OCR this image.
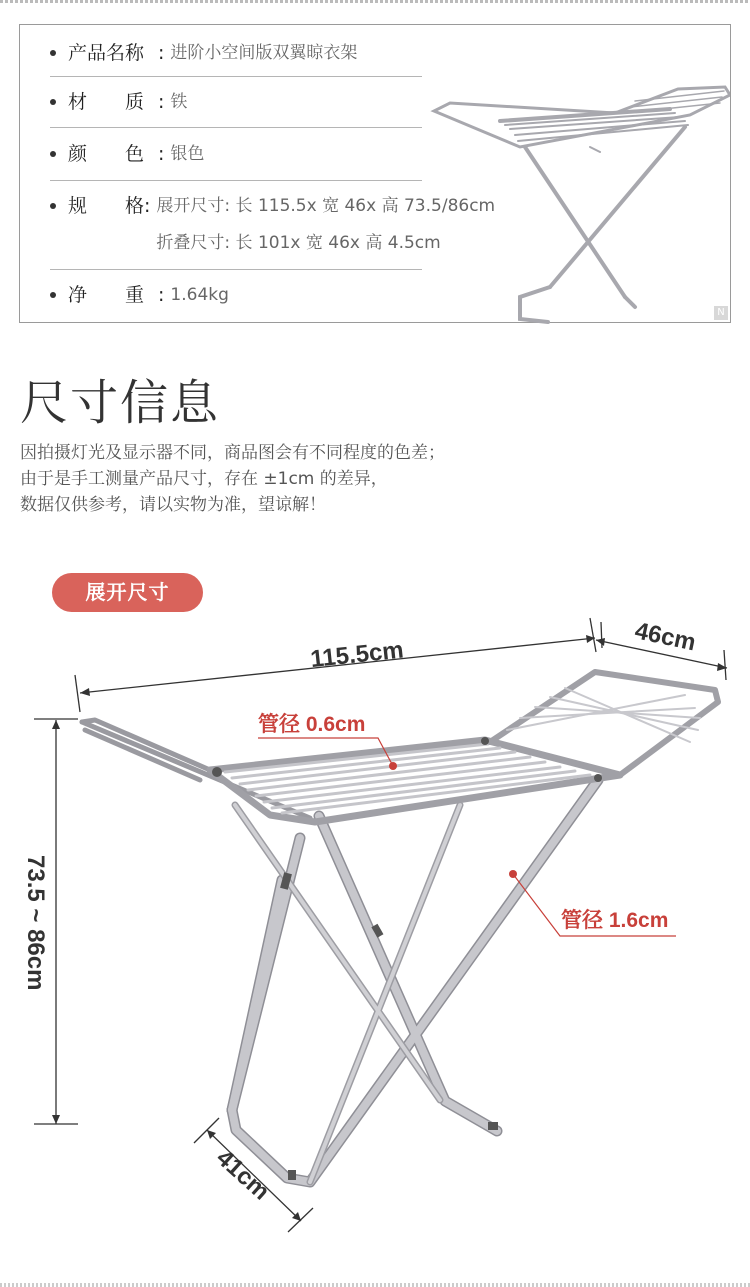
产品名称 : 进阶小空间版双翼晾衣架
材　　质 : 铁
颜　　色 : 银色
规　　格 : 展开尺寸: 长 115.5x 宽 46x 高 73.5/86cm
折叠尺寸: 长 101x 宽 46x 高 4.5cm
净　　重 : 1.64kg
N
尺寸信息
因拍摄灯光及显示器不同，商品图会有不同程度的色差；
由于是手工测量产品尺寸，存在 ±1cm 的差异，
数据仅供参考，请以实物为准，望谅解！
管径 0.6cm
管径 1.6cm
115.5cm	46cm
73.5 ~ 86cm
41cm
展开尺寸
